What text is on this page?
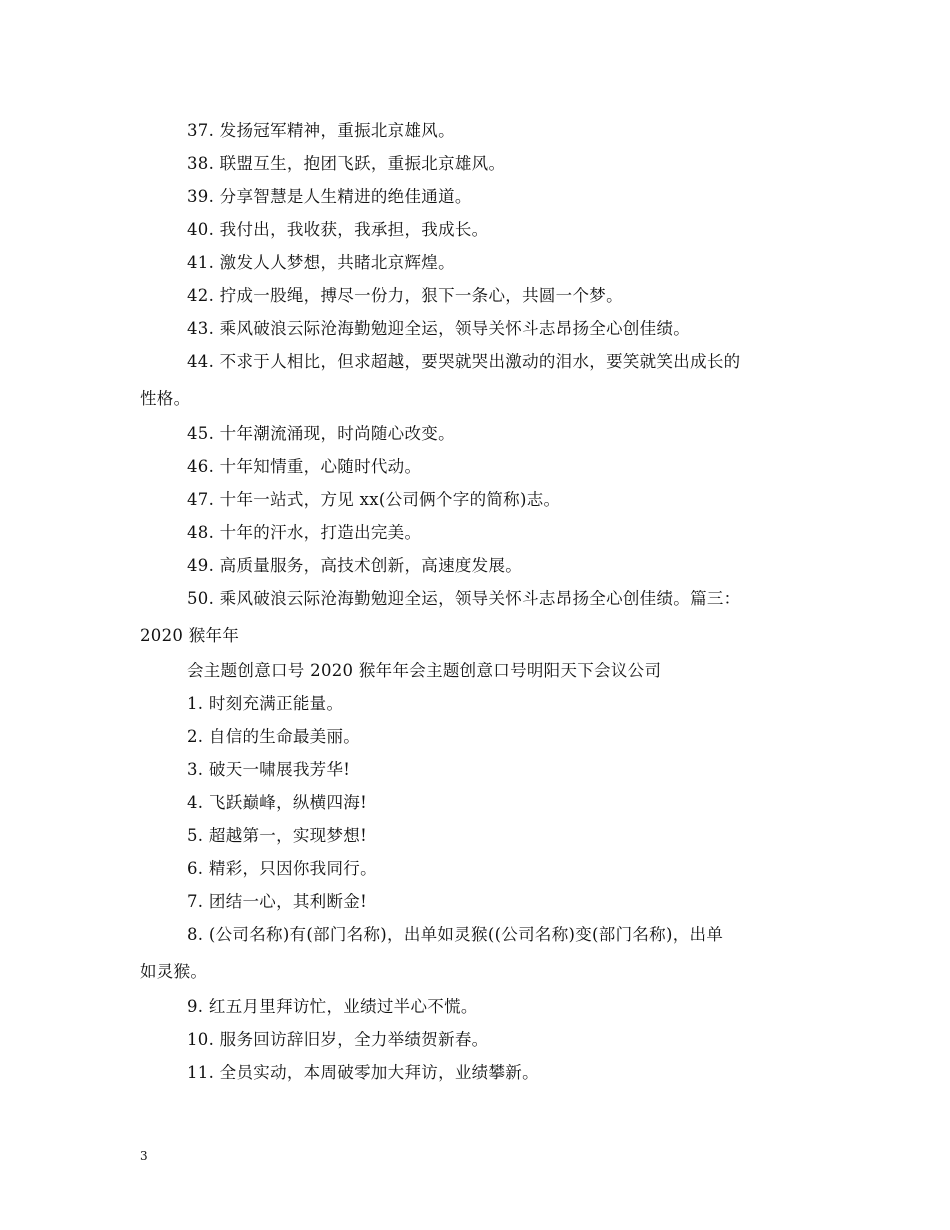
37. 发扬冠军精神，重振北京雄风。
38. 联盟互生，抱团飞跃，重振北京雄风。
39. 分享智慧是人生精进的绝佳通道。
40. 我付出，我收获，我承担，我成长。
41. 激发人人梦想，共睹北京辉煌。
42. 拧成一股绳，搏尽一份力，狠下一条心，共圆一个梦。
43. 乘风破浪云际沧海勤勉迎全运，领导关怀斗志昂扬全心创佳绩。
44. 不求于人相比，但求超越，要哭就哭出激动的泪水，要笑就笑出成长的
性格。
45. 十年潮流涌现，时尚随心改变。
46. 十年知情重，心随时代动。
47. 十年一站式，方见 xx(公司俩个字的简称)志。
48. 十年的汗水，打造出完美。
49. 高质量服务，高技术创新，高速度发展。
50. 乘风破浪云际沧海勤勉迎全运，领导关怀斗志昂扬全心创佳绩。篇三：
2020 猴年年
会主题创意口号 2020 猴年年会主题创意口号明阳天下会议公司
1. 时刻充满正能量。
2. 自信的生命最美丽。
3. 破天一啸展我芳华!
4. 飞跃巅峰，纵横四海!
5. 超越第一，实现梦想!
6. 精彩，只因你我同行。
7. 团结一心，其利断金!
8. (公司名称)有(部门名称)，出单如灵猴((公司名称)变(部门名称)，出单
如灵猴。
9. 红五月里拜访忙，业绩过半心不慌。
10. 服务回访辞旧岁，全力举绩贺新春。
11. 全员实动，本周破零加大拜访，业绩攀新。
3
